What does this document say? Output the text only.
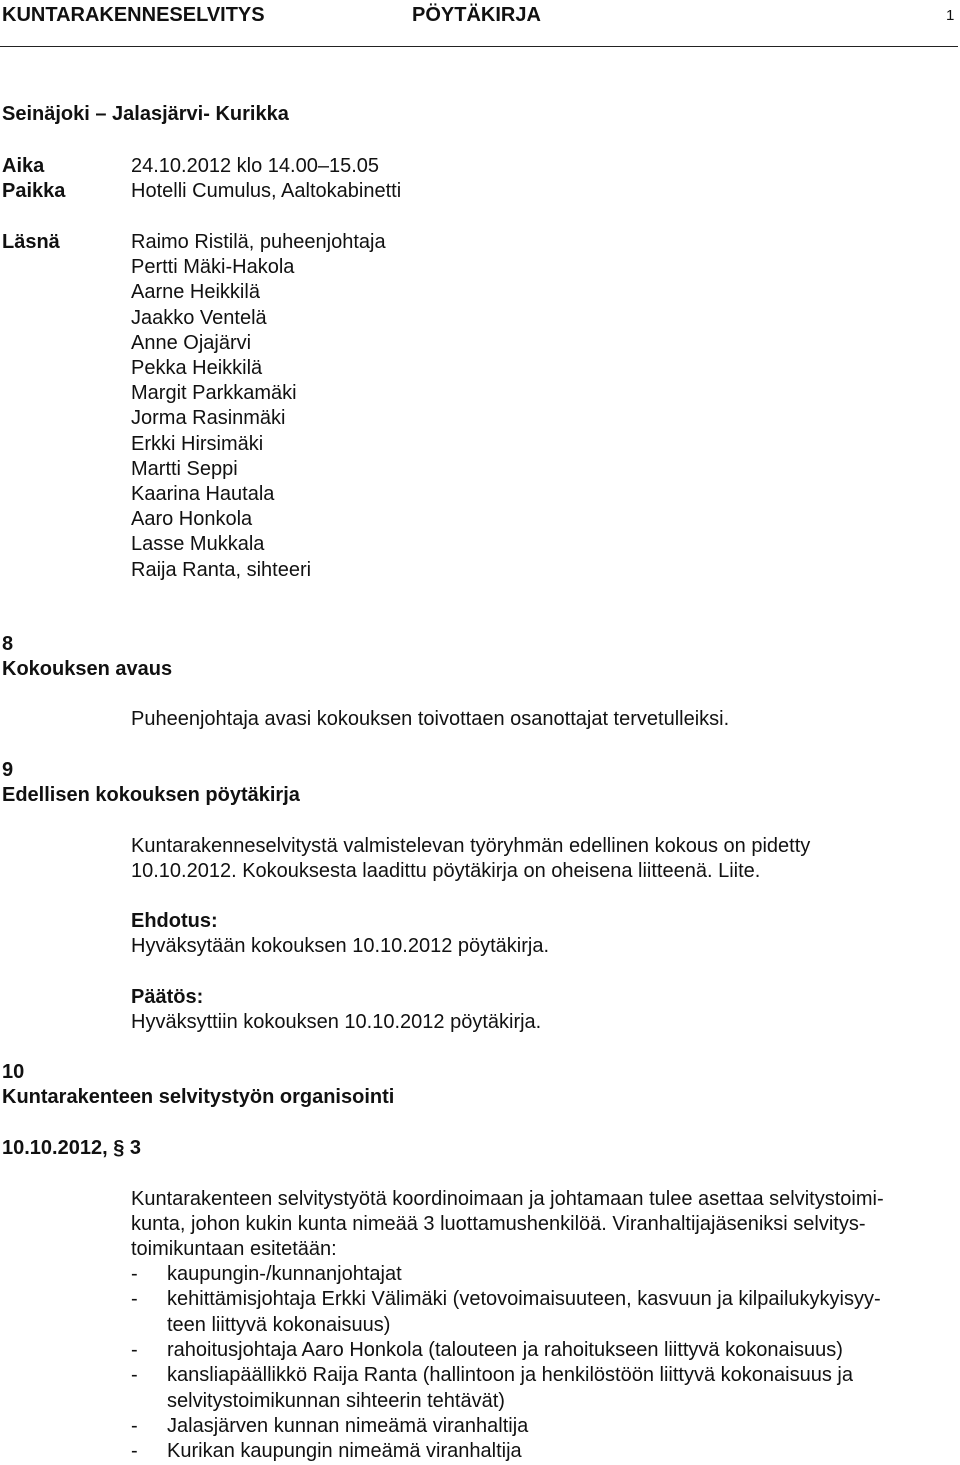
KUNTARAKENNESELVITYS	PÖYTÄKIRJA	1
Seinäjoki – Jalasjärvi- Kurikka
Aika	24.10.2012 klo 14.00–15.05
Paikka	Hotelli Cumulus, Aaltokabinetti
Läsnä	Raimo Ristilä, puheenjohtaja
Pertti Mäki-Hakola
Aarne Heikkilä
Jaakko Ventelä
Anne Ojajärvi
Pekka Heikkilä
Margit Parkkamäki
Jorma Rasinmäki
Erkki Hirsimäki
Martti Seppi
Kaarina Hautala
Aaro Honkola
Lasse Mukkala
Raija Ranta, sihteeri
8
Kokouksen avaus
Puheenjohtaja avasi kokouksen toivottaen osanottajat tervetulleiksi.
9
Edellisen kokouksen pöytäkirja
Kuntarakenneselvitystä valmistelevan työryhmän edellinen kokous on pidetty
10.10.2012. Kokouksesta laadittu pöytäkirja on oheisena liitteenä. Liite.
Ehdotus:
Hyväksytään kokouksen 10.10.2012 pöytäkirja.
Päätös:
Hyväksyttiin kokouksen 10.10.2012 pöytäkirja.
10
Kuntarakenteen selvitystyön organisointi
10.10.2012, § 3
Kuntarakenteen selvitystyötä koordinoimaan ja johtamaan tulee asettaa selvitystoimi-
kunta, johon kukin kunta nimeää 3 luottamushenkilöä. Viranhaltijajäseniksi selvitys-
toimikuntaan esitetään:
- kaupungin-/kunnanjohtajat
- kehittämisjohtaja Erkki Välimäki (vetovoimaisuuteen, kasvuun ja kilpailukykyisyy-
teen liittyvä kokonaisuus)
- rahoitusjohtaja Aaro Honkola (talouteen ja rahoitukseen liittyvä kokonaisuus)
- kansliapäällikkö Raija Ranta (hallintoon ja henkilöstöön liittyvä kokonaisuus ja
selvitystoimikunnan sihteerin tehtävät)
- Jalasjärven kunnan nimeämä viranhaltija
- Kurikan kaupungin nimeämä viranhaltija
